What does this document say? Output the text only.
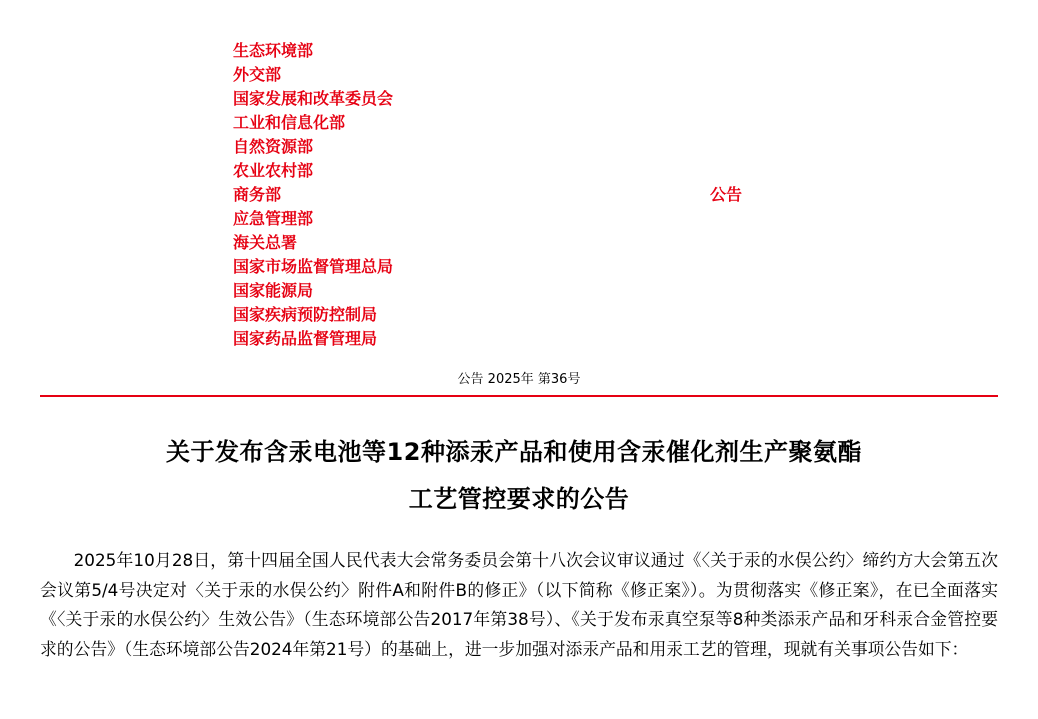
生态环境部
外交部
国家发展和改革委员会
工业和信息化部
自然资源部
农业农村部
商务部
应急管理部
海关总署
国家市场监督管理总局
国家能源局
国家疾病预防控制局
国家药品监督管理局
公告
公告 2025年 第36号
关于发布含汞电池等12种添汞产品和使用含汞催化剂生产聚氨酯
工艺管控要求的公告

2025年10月28日，第十四届全国人民代表大会常务委员会第十八次会议审议通过《〈关于汞的水俣公约〉缔约方大会第五次会议第5/4号决定对〈关于汞的水俣公约〉附件A和附件B的修正》（以下简称《修正案》）。为贯彻落实《修正案》，在已全面落实《〈关于汞的水俣公约〉生效公告》（生态环境部公告2017年第38号）、《关于发布汞真空泵等8种类添汞产品和牙科汞合金管控要求的公告》（生态环境部公告2024年第21号）的基础上，进一步加强对添汞产品和用汞工艺的管理，现就有关事项公告如下：
